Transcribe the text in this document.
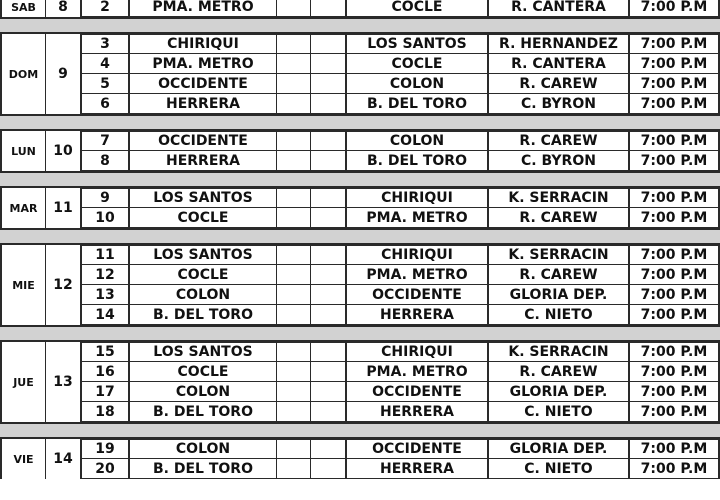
SAB	8	2	PMA. METRO	COCLE	R. CANTERA	7:00 P.M
DOM	9
3	CHIRIQUI	LOS SANTOS	R. HERNANDEZ	7:00 P.M
4	PMA. METRO	COCLE	R. CANTERA	7:00 P.M
5	OCCIDENTE	COLON	R. CAREW	7:00 P.M
6	HERRERA	B. DEL TORO	C. BYRON	7:00 P.M
LUN	10
7	OCCIDENTE	COLON	R. CAREW	7:00 P.M
8	HERRERA	B. DEL TORO	C. BYRON	7:00 P.M
MAR	11
9	LOS SANTOS	CHIRIQUI	K. SERRACIN	7:00 P.M
10	COCLE	PMA. METRO	R. CAREW	7:00 P.M
MIE	12
11	LOS SANTOS	CHIRIQUI	K. SERRACIN	7:00 P.M
12	COCLE	PMA. METRO	R. CAREW	7:00 P.M
13	COLON	OCCIDENTE	GLORIA DEP.	7:00 P.M
14	B. DEL TORO	HERRERA	C. NIETO	7:00 P.M
JUE	13
15	LOS SANTOS	CHIRIQUI	K. SERRACIN	7:00 P.M
16	COCLE	PMA. METRO	R. CAREW	7:00 P.M
17	COLON	OCCIDENTE	GLORIA DEP.	7:00 P.M
18	B. DEL TORO	HERRERA	C. NIETO	7:00 P.M
VIE	14
19	COLON	OCCIDENTE	GLORIA DEP.	7:00 P.M
20	B. DEL TORO	HERRERA	C. NIETO	7:00 P.M
